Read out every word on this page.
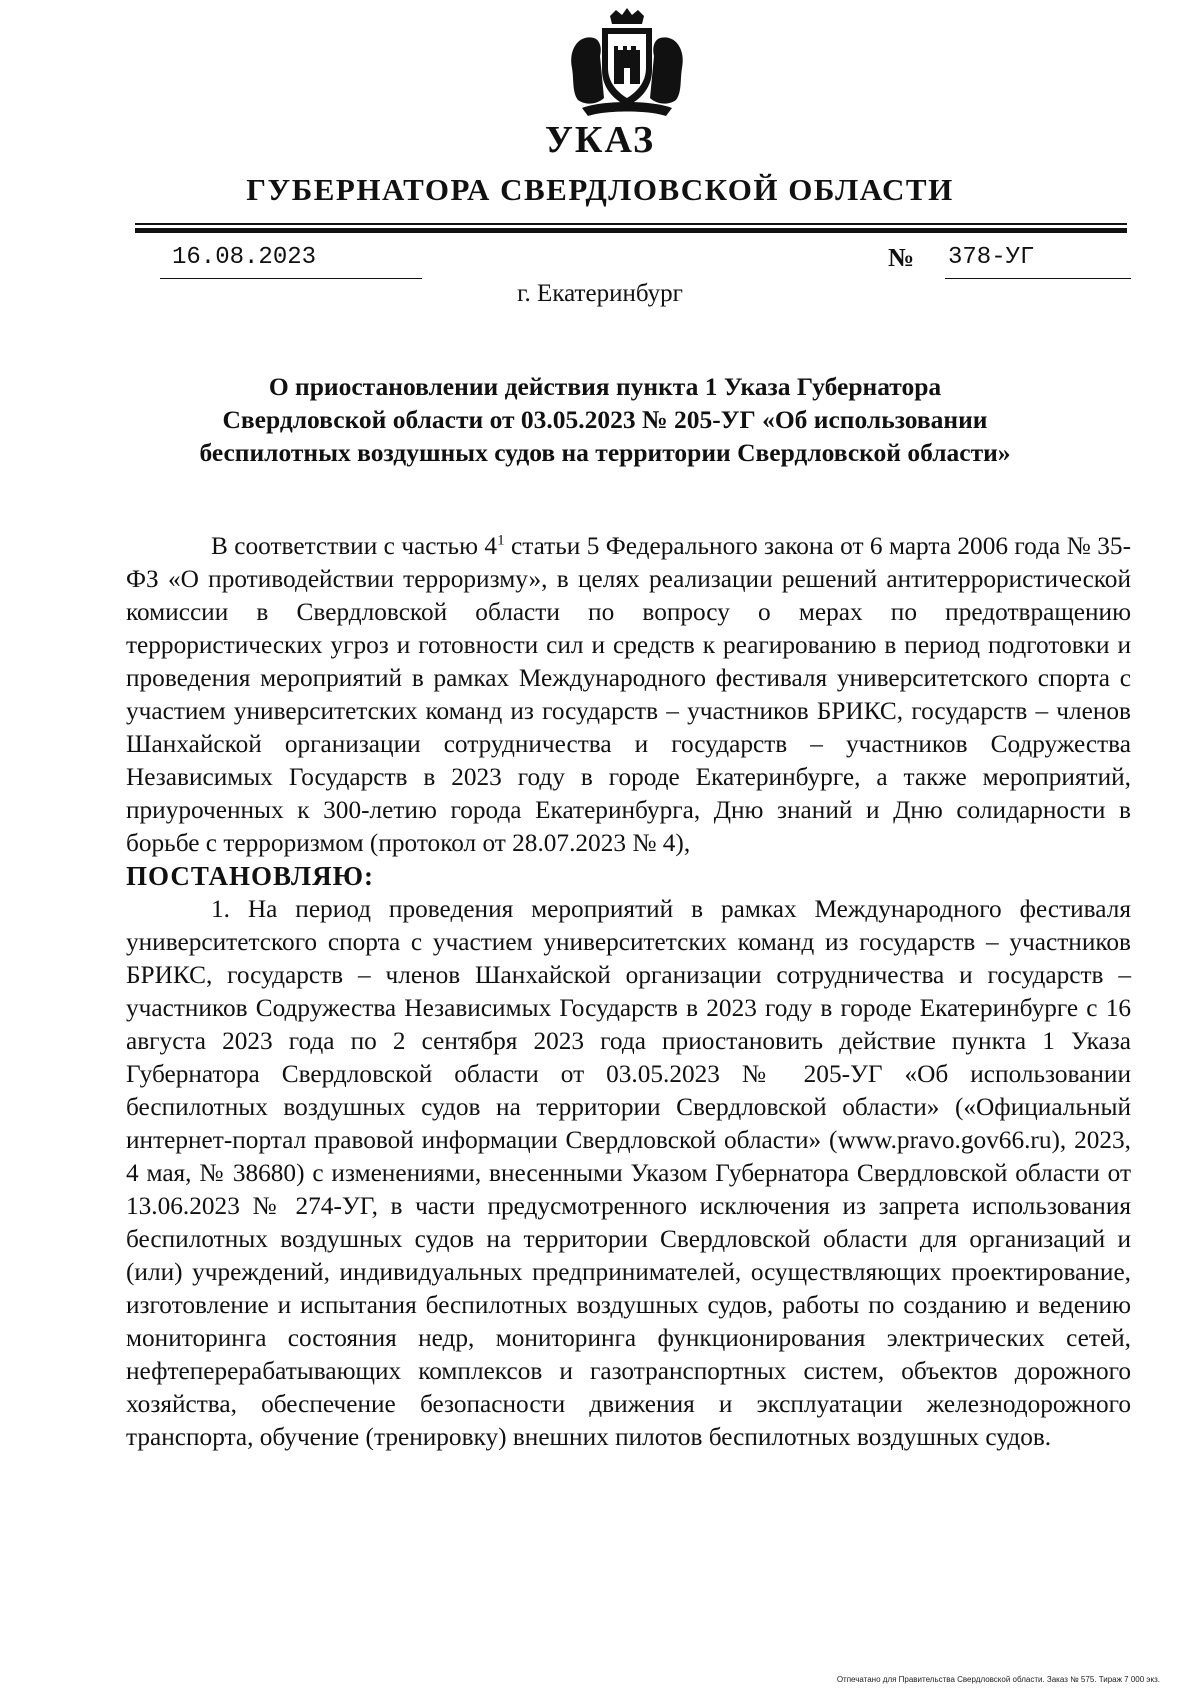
УКАЗ
ГУБЕРНАТОРА СВЕРДЛОВСКОЙ ОБЛАСТИ
16.08.2023	№ 378-УГ
г. Екатеринбург
О приостановлении действия пункта 1 Указа Губернатора
Свердловской области от 03.05.2023 № 205-УГ «Об использовании
беспилотных воздушных судов на территории Свердловской области»

В соответствии с частью $4^1$ статьи 5 Федерального закона от 6 марта 2006 года № 35-ФЗ «О противодействии терроризму», в целях реализации решений антитеррористической комиссии в Свердловской области по вопросу о мерах по предотвращению террористических угроз и готовности сил и средств к реагированию в период подготовки и проведения мероприятий в рамках Международного фестиваля университетского спорта с участием университетских команд из государств – участников БРИКС, государств – членов Шанхайской организации сотрудничества и государств – участников Содружества Независимых Государств в 2023 году в городе Екатеринбурге, а также мероприятий, приуроченных к 300-летию города Екатеринбурга, Дню знаний и Дню солидарности в борьбе с терроризмом (протокол от 28.07.2023 № 4),

ПОСТАНОВЛЯЮ:

1. На период проведения мероприятий в рамках Международного фестиваля университетского спорта с участием университетских команд из государств – участников БРИКС, государств – членов Шанхайской организации сотрудничества и государств – участников Содружества Независимых Государств в 2023 году в городе Екатеринбурге с 16 августа 2023 года по 2 сентября 2023 года приостановить действие пункта 1 Указа Губернатора Свердловской области от 03.05.2023 № 205-УГ «Об использовании беспилотных воздушных судов на территории Свердловской области» («Официальный интернет-портал правовой информации Свердловской области» (www.pravo.gov66.ru), 2023, 4 мая, № 38680) с изменениями, внесенными Указом Губернатора Свердловской области от 13.06.2023 № 274-УГ, в части предусмотренного исключения из запрета использования беспилотных воздушных судов на территории Свердловской области для организаций и (или) учреждений, индивидуальных предпринимателей, осуществляющих проектирование, изготовление и испытания беспилотных воздушных судов, работы по созданию и ведению мониторинга состояния недр, мониторинга функционирования электрических сетей, нефтеперерабатывающих комплексов и газотранспортных систем, объектов дорожного хозяйства, обеспечение безопасности движения и эксплуатации железнодорожного транспорта, обучение (тренировку) внешних пилотов беспилотных воздушных судов.

Отпечатано для Правительства Свердловской области. Заказ № 575. Тираж 7 000 экз.
